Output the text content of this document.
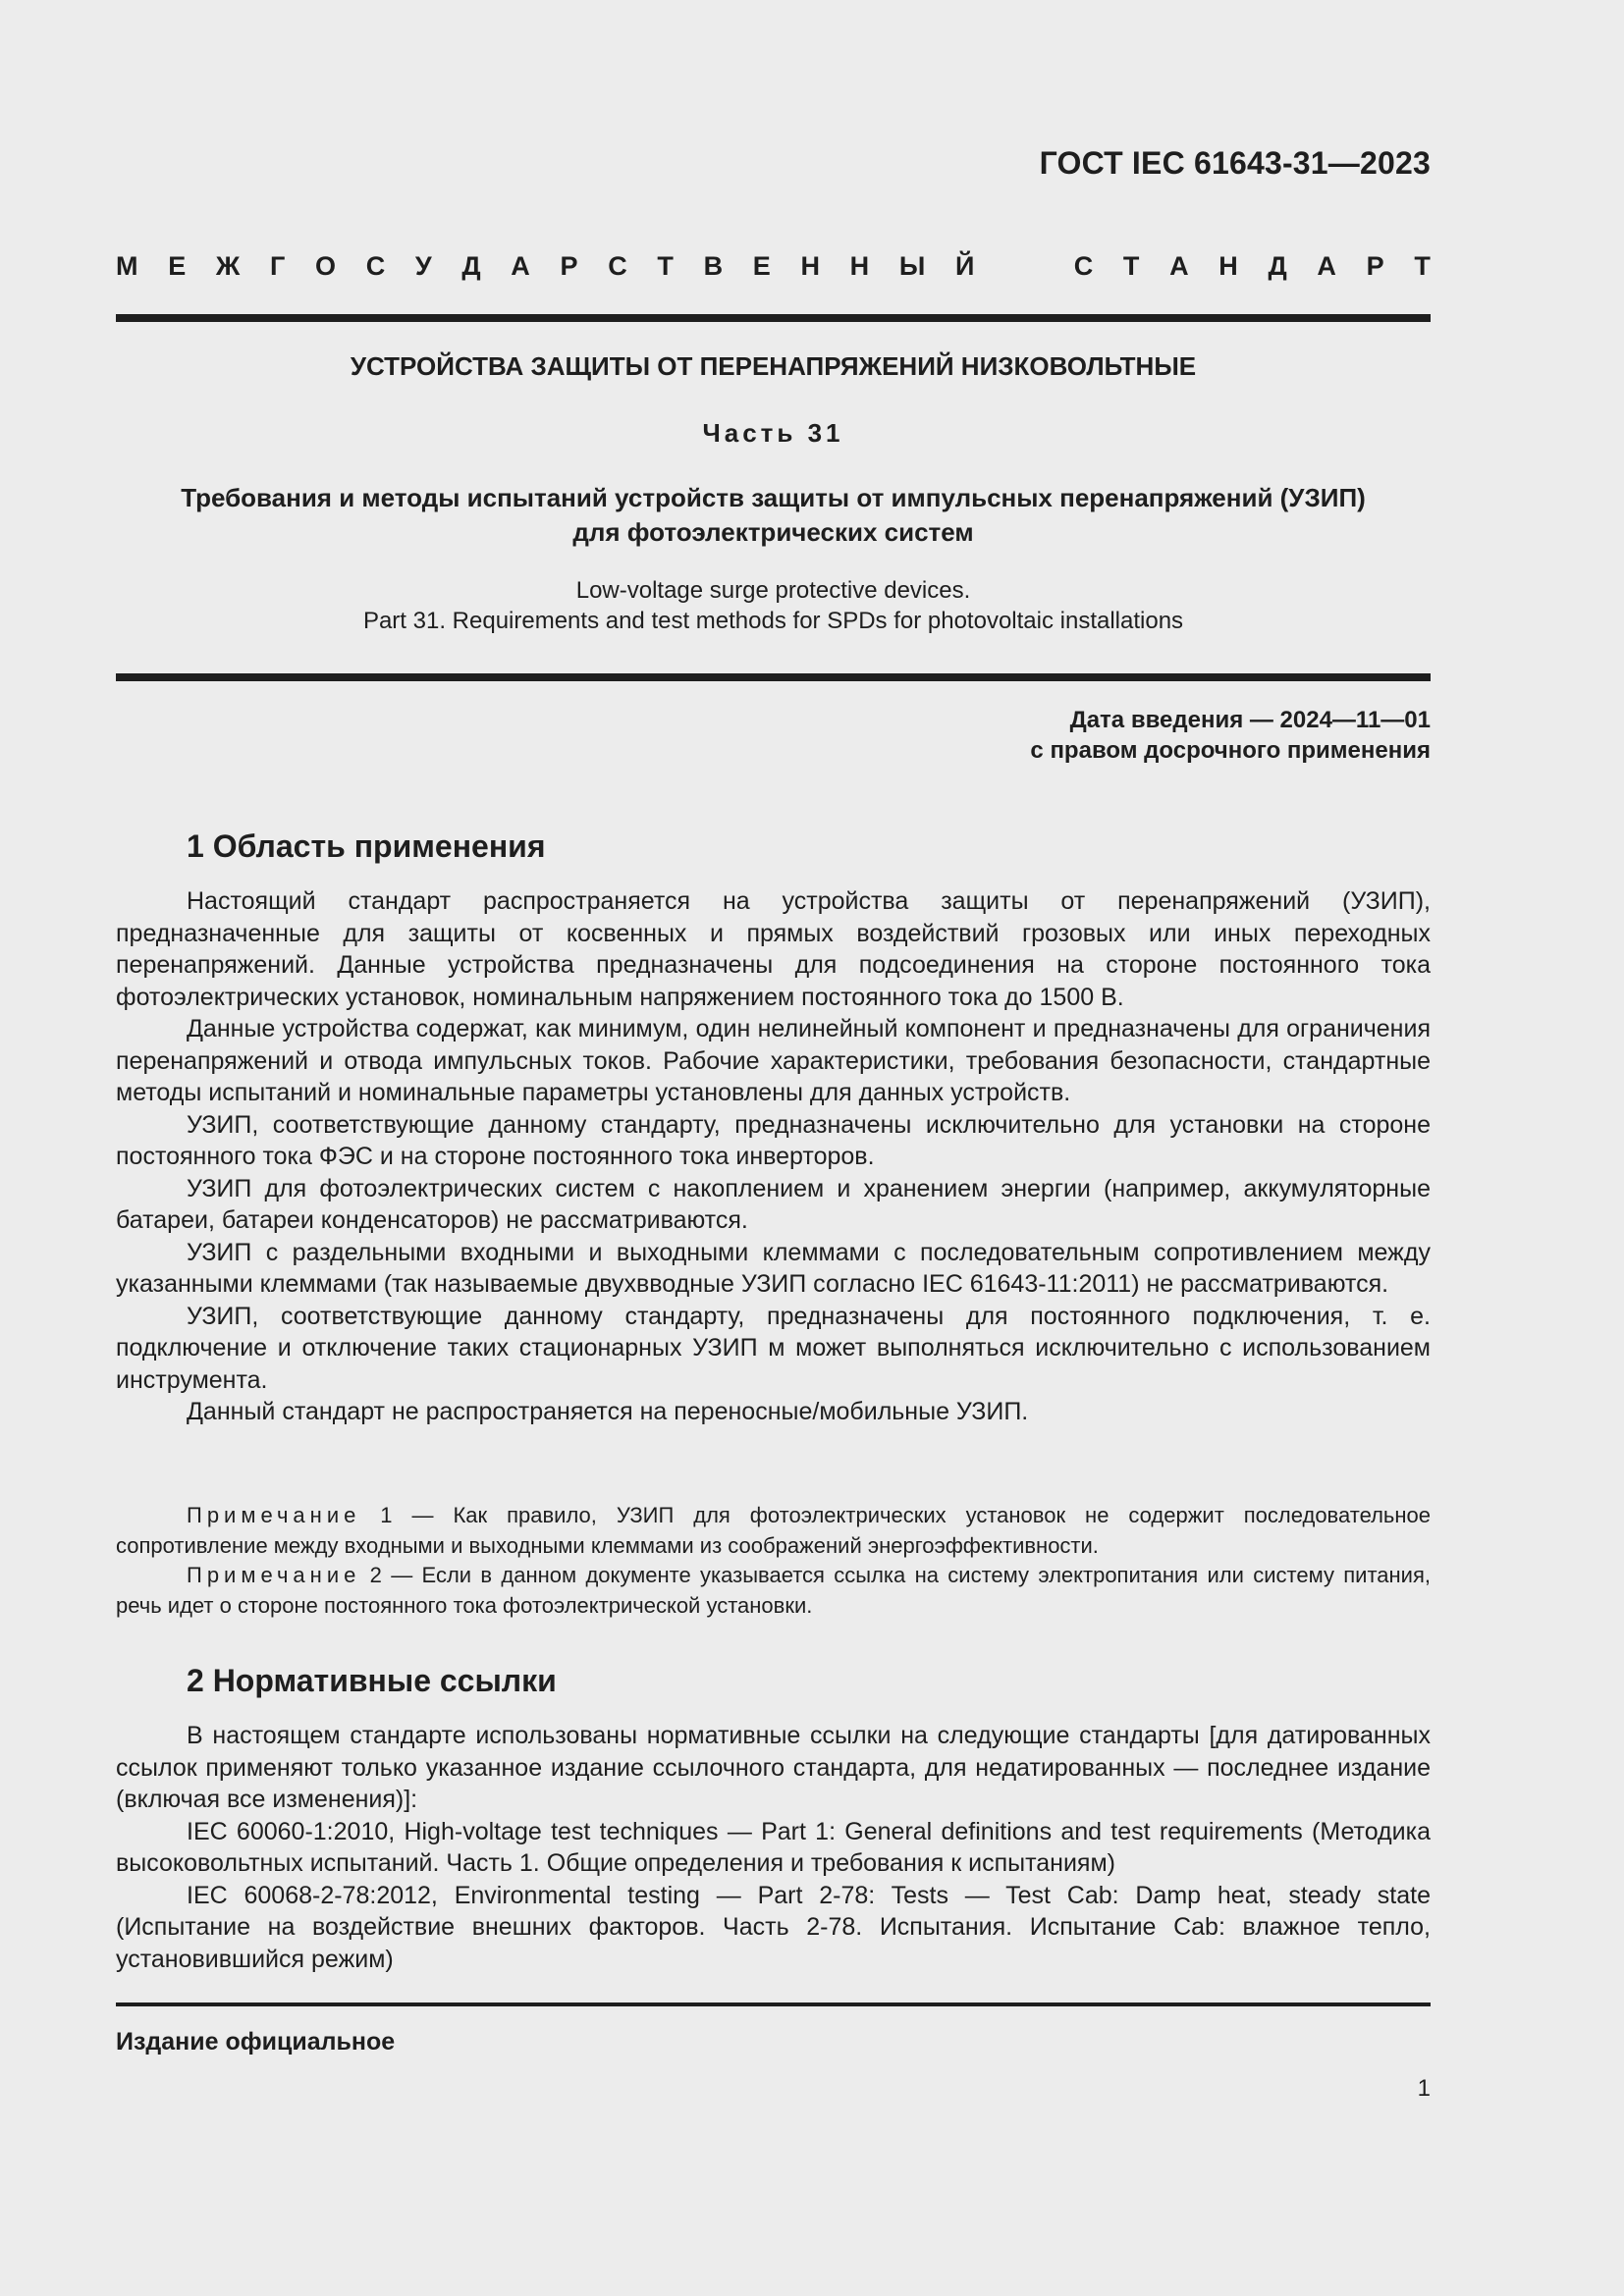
ГОСТ IEC 61643-31—2023
М Е Ж Г О С У Д А Р С Т В Е Н Н Ы Й	С Т А Н Д А Р Т
УСТРОЙСТВА ЗАЩИТЫ ОТ ПЕРЕНАПРЯЖЕНИЙ НИЗКОВОЛЬТНЫЕ
Часть 31
Требования и методы испытаний устройств защиты от импульсных перенапряжений (УЗИП)
для фотоэлектрических систем
Low-voltage surge protective devices.
Part 31. Requirements and test methods for SPDs for photovoltaic installations
Дата введения — 2024—11—01
с правом досрочного применения
1 Область применения

Настоящий стандарт распространяется на устройства защиты от перенапряжений (УЗИП), предназначенные для защиты от косвенных и прямых воздействий грозовых или иных переходных перенапряжений. Данные устройства предназначены для подсоединения на стороне постоянного тока фотоэлектрических установок, номинальным напряжением постоянного тока до 1500 В.

Данные устройства содержат, как минимум, один нелинейный компонент и предназначены для ограничения перенапряжений и отвода импульсных токов. Рабочие характеристики, требования безопасности, стандартные методы испытаний и номинальные параметры установлены для данных устройств.

УЗИП, соответствующие данному стандарту, предназначены исключительно для установки на стороне постоянного тока ФЭС и на стороне постоянного тока инверторов.

УЗИП для фотоэлектрических систем с накоплением и хранением энергии (например, аккумуляторные батареи, батареи конденсаторов) не рассматриваются.

УЗИП с раздельными входными и выходными клеммами с последовательным сопротивлением между указанными клеммами (так называемые двухвводные УЗИП согласно IEC 61643-11:2011) не рассматриваются.

УЗИП, соответствующие данному стандарту, предназначены для постоянного подключения, т. е. подключение и отключение таких стационарных УЗИП м может выполняться исключительно с использованием инструмента.

Данный стандарт не распространяется на переносные/мобильные УЗИП.

Примечание 1 — Как правило, УЗИП для фотоэлектрических установок не содержит последовательное сопротивление между входными и выходными клеммами из соображений энергоэффективности.

Примечание 2 — Если в данном документе указывается ссылка на систему электропитания или систему питания, речь идет о стороне постоянного тока фотоэлектрической установки.

2 Нормативные ссылки

В настоящем стандарте использованы нормативные ссылки на следующие стандарты [для датированных ссылок применяют только указанное издание ссылочного стандарта, для недатированных — последнее издание (включая все изменения)]:

IEC 60060-1:2010, High-voltage test techniques — Part 1: General definitions and test requirements (Методика высоковольтных испытаний. Часть 1. Общие определения и требования к испытаниям)

IEC 60068-2-78:2012, Environmental testing — Part 2-78: Tests — Test Cab: Damp heat, steady state (Испытание на воздействие внешних факторов. Часть 2-78. Испытания. Испытание Cab: влажное тепло, установившийся режим)

Издание официальное
1
